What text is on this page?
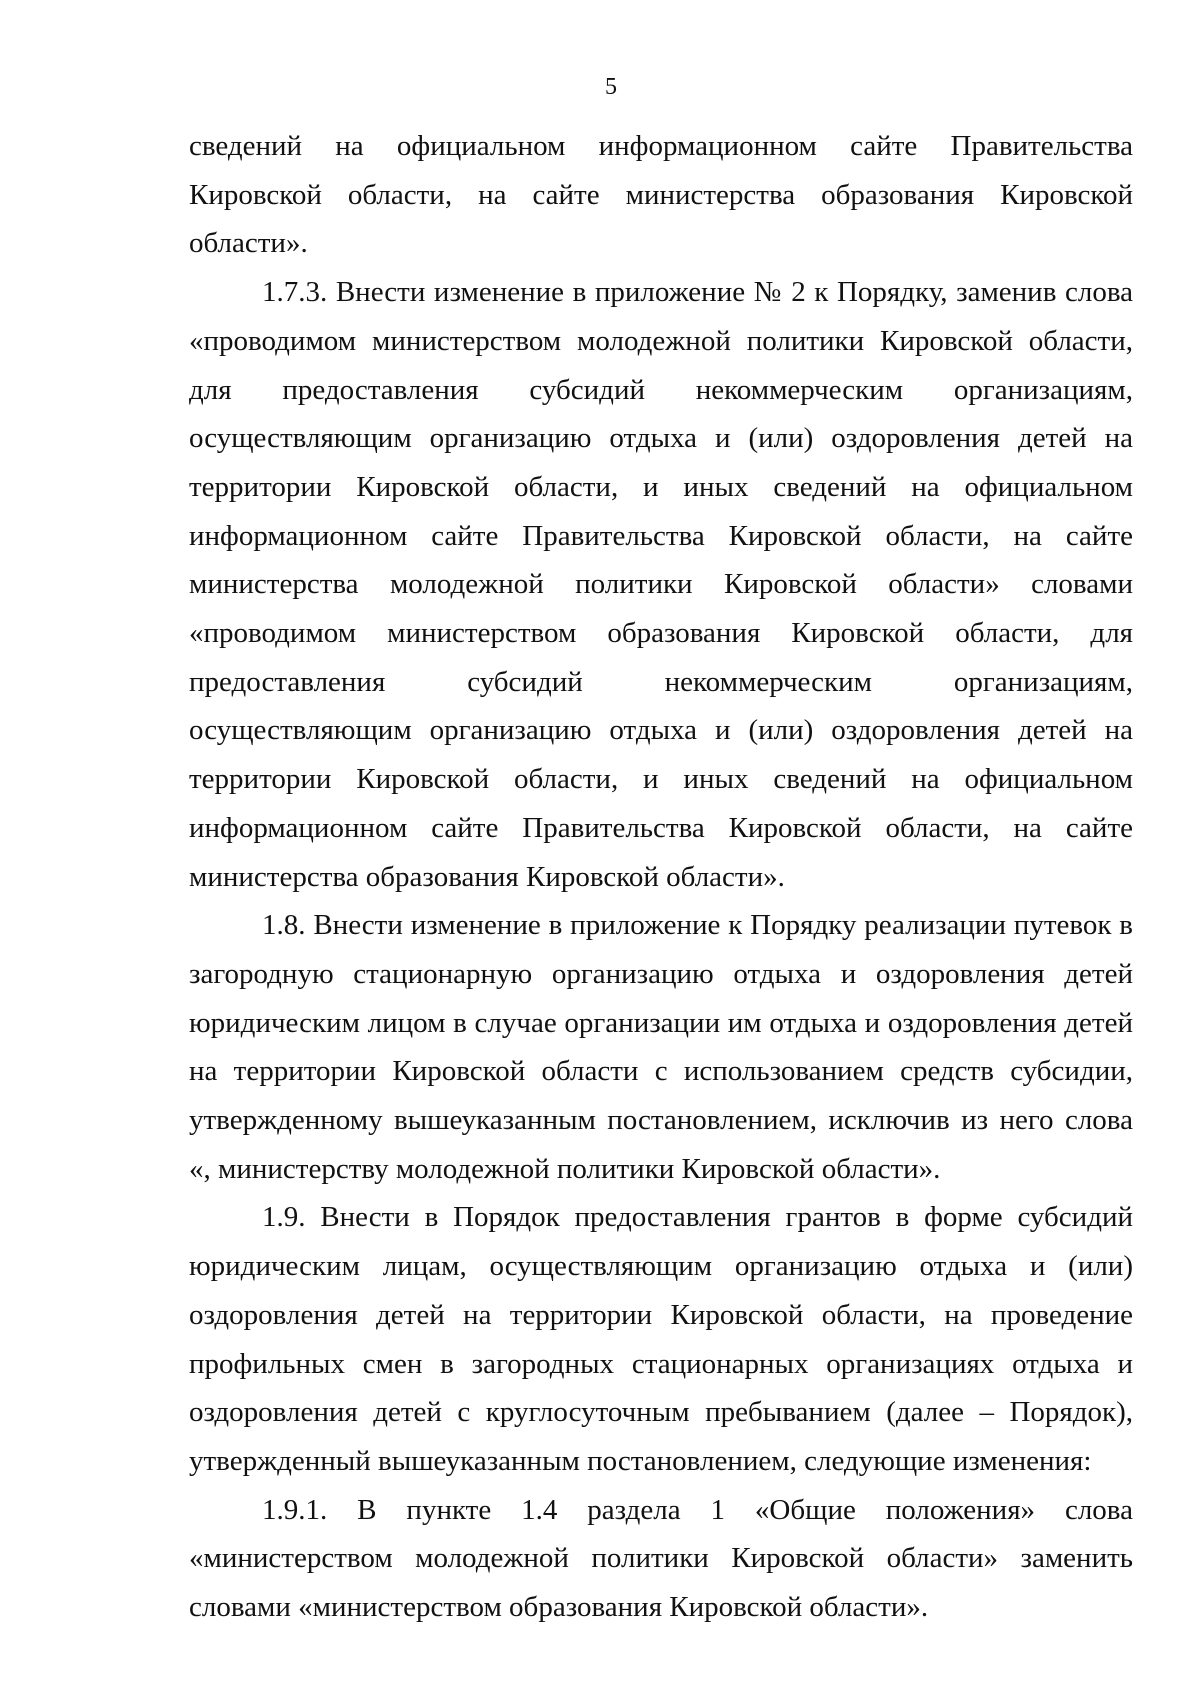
5

сведений на официальном информационном сайте Правительства Кировской области, на сайте министерства образования Кировской области».

1.7.3. Внести изменение в приложение № 2 к Порядку, заменив слова «проводимом министерством молодежной политики Кировской области, для предоставления субсидий некоммерческим организациям, осуществляющим организацию отдыха и (или) оздоровления детей на территории Кировской области, и иных сведений на официальном информационном сайте Правительства Кировской области, на сайте министерства молодежной политики Кировской области» словами «проводимом министерством образования Кировской области, для предоставления субсидий некоммерческим организациям, осуществляющим организацию отдыха и (или) оздоровления детей на территории Кировской области, и иных сведений на официальном информационном сайте Правительства Кировской области, на сайте министерства образования Кировской области».

1.8. Внести изменение в приложение к Порядку реализации путевок в загородную стационарную организацию отдыха и оздоровления детей юридическим лицом в случае организации им отдыха и оздоровления детей на территории Кировской области с использованием средств субсидии, утвержденному вышеуказанным постановлением, исключив из него слова «, министерству молодежной политики Кировской области».

1.9. Внести в Порядок предоставления грантов в форме субсидий юридическим лицам, осуществляющим организацию отдыха и (или) оздоровления детей на территории Кировской области, на проведение профильных смен в загородных стационарных организациях отдыха и оздоровления детей с круглосуточным пребыванием (далее – Порядок), утвержденный вышеуказанным постановлением, следующие изменения:

1.9.1. В пункте 1.4 раздела 1 «Общие положения» слова «министерством молодежной политики Кировской области» заменить словами «министерством образования Кировской области».
